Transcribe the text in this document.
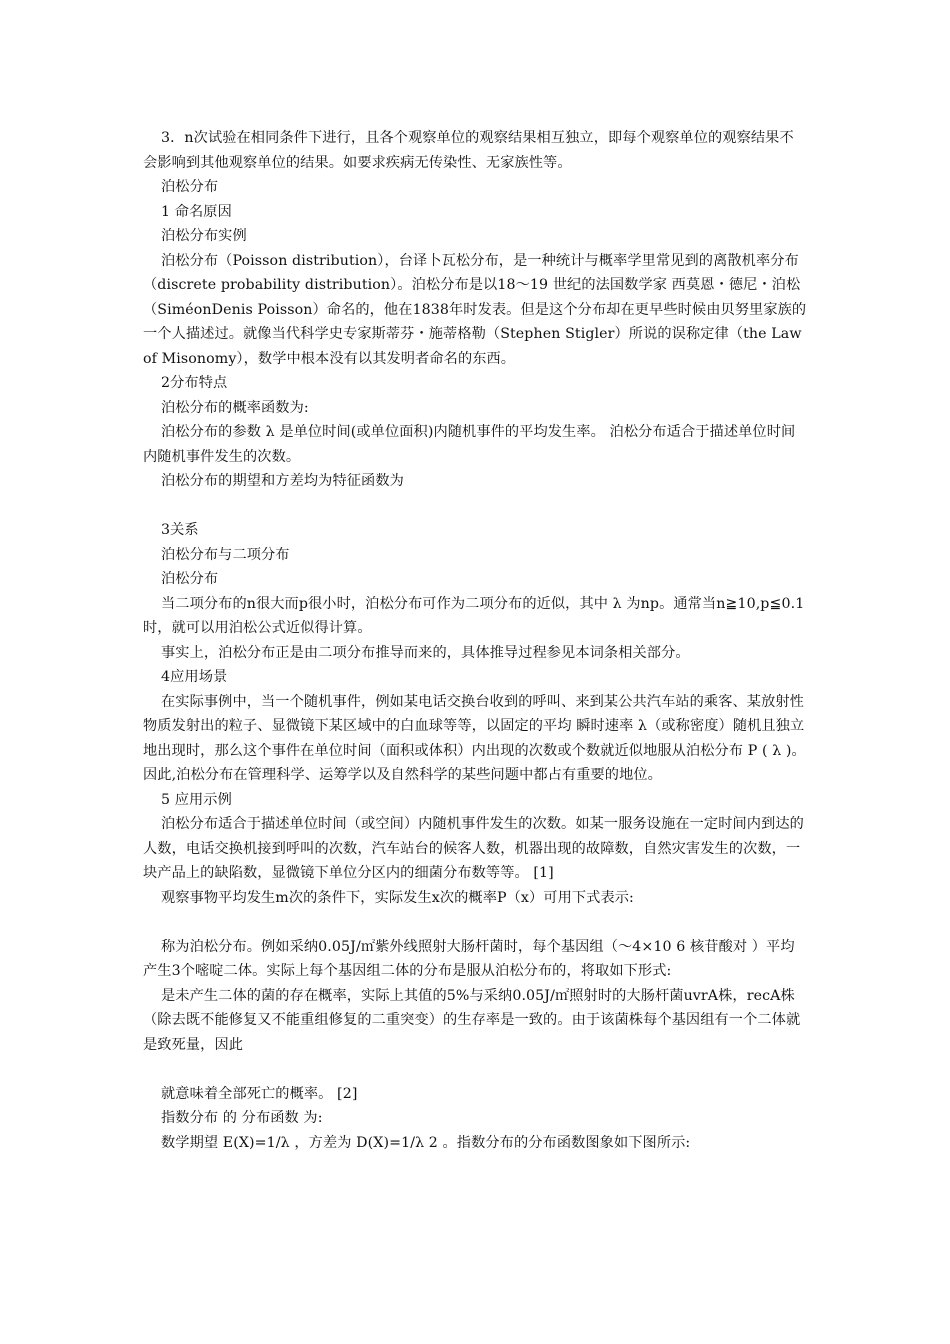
3．n次试验在相同条件下进行，且各个观察单位的观察结果相互独立，即每个观察单位的观察结果不会影响到其他观察单位的结果。如要求疾病无传染性、无家族性等。

泊松分布

1 命名原因

泊松分布实例

泊松分布（Poisson distribution），台译卜瓦松分布，是一种统计与概率学里常见到的离散机率分布（discrete probability distribution）。泊松分布是以18～19 世纪的法国数学家 西莫恩・德尼・泊松 （SiméonDenis Poisson）命名的，他在1838年时发表。但是这个分布却在更早些时候由贝努里家族的一个人描述过。就像当代科学史专家斯蒂芬・施蒂格勒（Stephen Stigler）所说的误称定律（the Law of Misonomy），数学中根本没有以其发明者命名的东西。

2分布特点

泊松分布的概率函数为:

泊松分布的参数 λ 是单位时间(或单位面积)内随机事件的平均发生率。 泊松分布适合于描述单位时间内随机事件发生的次数。

泊松分布的期望和方差均为特征函数为

3关系

泊松分布与二项分布

泊松分布

当二项分布的n很大而p很小时，泊松分布可作为二项分布的近似，其中 λ 为np。通常当n≧10,p≦0.1时，就可以用泊松公式近似得计算。

事实上，泊松分布正是由二项分布推导而来的，具体推导过程参见本词条相关部分。

4应用场景

在实际事例中，当一个随机事件，例如某电话交换台收到的呼叫、来到某公共汽车站的乘客、某放射性物质发射出的粒子、显微镜下某区域中的白血球等等，以固定的平均 瞬时速率 λ（或称密度）随机且独立地出现时，那么这个事件在单位时间（面积或体积）内出现的次数或个数就近似地服从泊松分布 P ( λ )。因此,泊松分布在管理科学、运筹学以及自然科学的某些问题中都占有重要的地位。

5 应用示例

泊松分布适合于描述单位时间（或空间）内随机事件发生的次数。如某一服务设施在一定时间内到达的人数，电话交换机接到呼叫的次数，汽车站台的候客人数，机器出现的故障数，自然灾害发生的次数，一块产品上的缺陷数，显微镜下单位分区内的细菌分布数等等。 [1]

观察事物平均发生m次的条件下，实际发生x次的概率P（x）可用下式表示:

称为泊松分布。例如采纳0.05J/㎡紫外线照射大肠杆菌时，每个基因组（～4×10 6 核苷酸对 ）平均产生3个嘧啶二体。实际上每个基因组二体的分布是服从泊松分布的，将取如下形式:

是未产生二体的菌的存在概率，实际上其值的5%与采纳0.05J/㎡照射时的大肠杆菌uvrA株，recA株（除去既不能修复又不能重组修复的二重突变）的生存率是一致的。由于该菌株每个基因组有一个二体就是致死量，因此

就意味着全部死亡的概率。 [2]

指数分布 的 分布函数 为:

数学期望 E(X)=1/λ ，方差为 D(X)=1/λ 2 。指数分布的分布函数图象如下图所示:
